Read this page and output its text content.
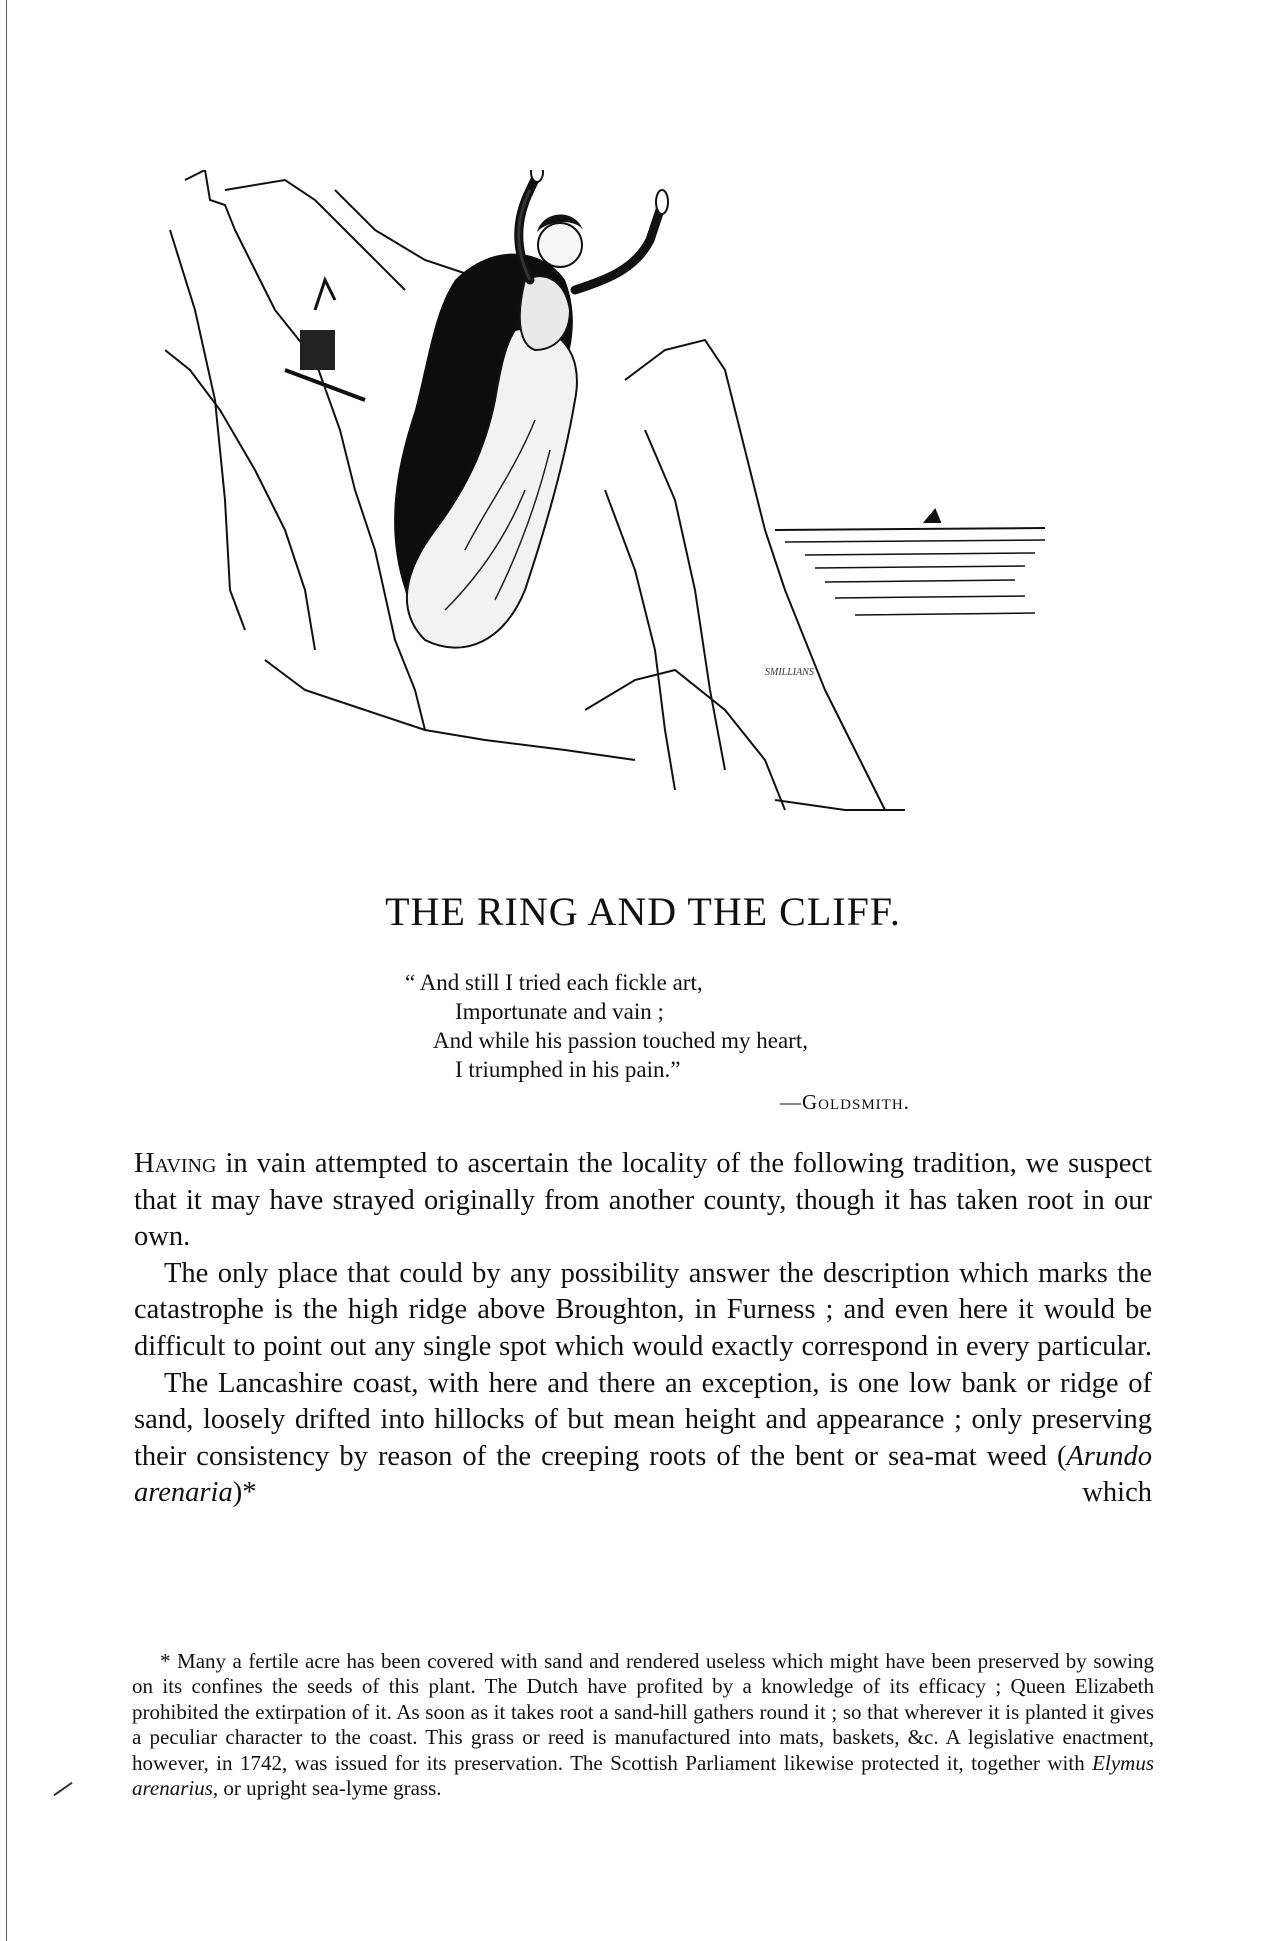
SMILLIANS
THE RING AND THE CLIFF.
“ And still I tried each fickle art,
Importunate and vain ;
And while his passion touched my heart,
I triumphed in his pain.”
—Goldsmith.

Having in vain attempted to ascertain the locality of the following tradition, we suspect that it may have strayed originally from another county, though it has taken root in our own.

The only place that could by any possibility answer the description which marks the catastrophe is the high ridge above Broughton, in Furness ; and even here it would be difficult to point out any single spot which would exactly correspond in every particular.

The Lancashire coast, with here and there an exception, is one low bank or ridge of sand, loosely drifted into hillocks of but mean height and appearance ; only preserving their consistency by reason of the creeping roots of the bent or sea-mat weed (Arundo arenaria)* which

* Many a fertile acre has been covered with sand and rendered useless which might have been preserved by sowing on its confines the seeds of this plant. The Dutch have profited by a knowledge of its efficacy ; Queen Elizabeth prohibited the extirpation of it. As soon as it takes root a sand-hill gathers round it ; so that wherever it is planted it gives a peculiar character to the coast. This grass or reed is manufactured into mats, baskets, &c. A legislative enactment, however, in 1742, was issued for its preservation. The Scottish Parliament likewise protected it, together with Elymus arenarius, or upright sea-lyme grass.
